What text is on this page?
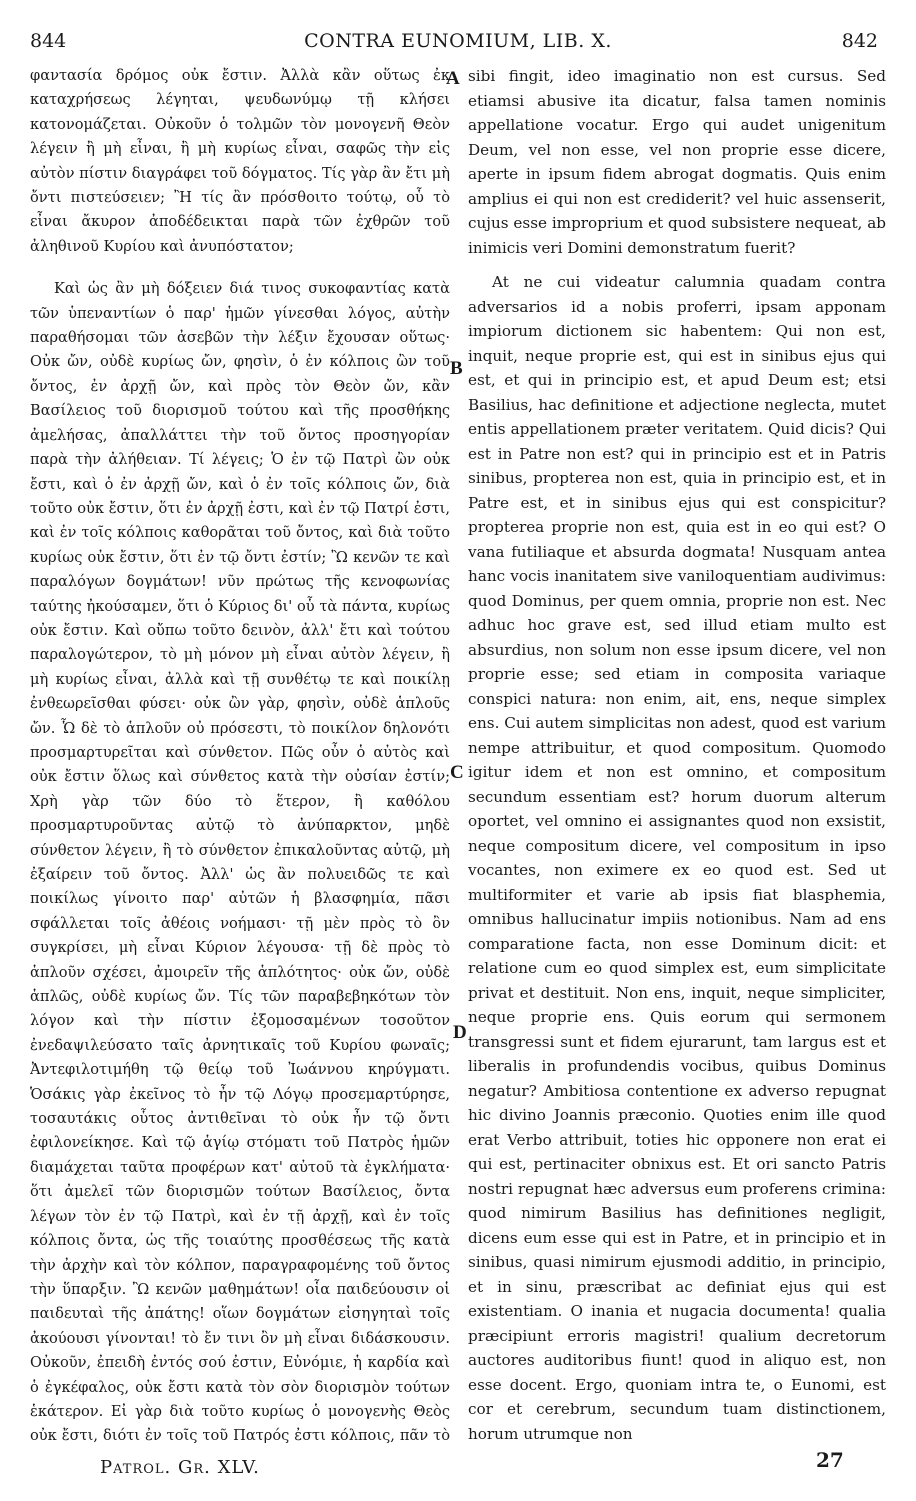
844	CONTRA EUNOMIUM, LIB. X.	842

φαντασία δρόμος οὐκ ἔστιν. Ἀλλὰ κἂν οὕτως ἐκ καταχρήσεως λέγηται, ψευδωνύμῳ τῇ κλήσει κατονομάζεται. Οὐκοῦν ὁ τολμῶν τὸν μονογενῆ Θεὸν λέγειν ἢ μὴ εἶναι, ἢ μὴ κυρίως εἶναι, σαφῶς τὴν εἰς αὐτὸν πίστιν διαγράφει τοῦ δόγματος. Τίς γὰρ ἂν ἔτι μὴ ὄντι πιστεύσειεν; Ἢ τίς ἂν πρόσθοιτο τούτῳ, οὗ τὸ εἶναι ἄκυρον ἀποδέδεικται παρὰ τῶν ἐχθρῶν τοῦ ἀληθινοῦ Κυρίου καὶ ἀνυπόστατον;

Καὶ ὡς ἂν μὴ δόξειεν διά τινος συκοφαντίας κατὰ τῶν ὑπεναντίων ὁ παρ' ἡμῶν γίνεσθαι λόγος, αὐτὴν παραθήσομαι τῶν ἀσεβῶν τὴν λέξιν ἔχουσαν οὕτως· Οὐκ ὤν, οὐδὲ κυρίως ὤν, φησὶν, ὁ ἐν κόλποις ὢν τοῦ ὄντος, ἐν ἀρχῇ ὤν, καὶ πρὸς τὸν Θεὸν ὤν, κἂν Βασίλειος τοῦ διορισμοῦ τούτου καὶ τῆς προσθήκης ἀμελήσας, ἀπαλλάττει τὴν τοῦ ὄντος προσηγορίαν παρὰ τὴν ἀλήθειαν. Τί λέγεις; Ὁ ἐν τῷ Πατρὶ ὢν οὐκ ἔστι, καὶ ὁ ἐν ἀρχῇ ὤν, καὶ ὁ ἐν τοῖς κόλποις ὤν, διὰ τοῦτο οὐκ ἔστιν, ὅτι ἐν ἀρχῇ ἐστι, καὶ ἐν τῷ Πατρί ἐστι, καὶ ἐν τοῖς κόλποις καθορᾶται τοῦ ὄντος, καὶ διὰ τοῦτο κυρίως οὐκ ἔστιν, ὅτι ἐν τῷ ὄντι ἐστίν; Ὢ κενῶν τε καὶ παραλόγων δογμάτων! νῦν πρώτως τῆς κενοφωνίας ταύτης ἠκούσαμεν, ὅτι ὁ Κύριος δι' οὗ τὰ πάντα, κυρίως οὐκ ἔστιν. Καὶ οὔπω τοῦτο δεινὸν, ἀλλ' ἔτι καὶ τούτου παραλογώτερον, τὸ μὴ μόνον μὴ εἶναι αὐτὸν λέγειν, ἢ μὴ κυρίως εἶναι, ἀλλὰ καὶ τῇ συνθέτῳ τε καὶ ποικίλῃ ἐνθεωρεῖσθαι φύσει· οὐκ ὢν γὰρ, φησὶν, οὐδὲ ἁπλοῦς ὤν. Ὧ δὲ τὸ ἁπλοῦν οὐ πρόσεστι, τὸ ποικίλον δηλονότι προσμαρτυρεῖται καὶ σύνθετον. Πῶς οὖν ὁ αὐτὸς καὶ οὐκ ἔστιν ὅλως καὶ σύνθετος κατὰ τὴν οὐσίαν ἐστίν; Χρὴ γὰρ τῶν δύο τὸ ἕτερον, ἢ καθόλου προσμαρτυροῦντας αὐτῷ τὸ ἀνύπαρκτον, μηδὲ σύνθετον λέγειν, ἢ τὸ σύνθετον ἐπικαλοῦντας αὐτῷ, μὴ ἐξαίρειν τοῦ ὄντος. Ἀλλ' ὡς ἂν πολυειδῶς τε καὶ ποικίλως γίνοιτο παρ' αὐτῶν ἡ βλασφημία, πᾶσι σφάλλεται τοῖς ἀθέοις νοήμασι· τῇ μὲν πρὸς τὸ ὂν συγκρίσει, μὴ εἶναι Κύριον λέγουσα· τῇ δὲ πρὸς τὸ ἁπλοῦν σχέσει, ἀμοιρεῖν τῆς ἁπλότητος· οὐκ ὤν, οὐδὲ ἁπλῶς, οὐδὲ κυρίως ὤν. Τίς τῶν παραβεβηκότων τὸν λόγον καὶ τὴν πίστιν ἐξομοσαμένων τοσοῦτον ἐνεδαψιλεύσατο ταῖς ἀρνητικαῖς τοῦ Κυρίου φωναῖς; Ἀντεφιλοτιμήθη τῷ θείῳ τοῦ Ἰωάννου κηρύγματι. Ὁσάκις γὰρ ἐκεῖνος τὸ ἦν τῷ Λόγῳ προσεμαρτύρησε, τοσαυτάκις οὗτος ἀντιθεῖναι τὸ οὐκ ἦν τῷ ὄντι ἐφιλονείκησε. Καὶ τῷ ἁγίῳ στόματι τοῦ Πατρὸς ἡμῶν διαμάχεται ταῦτα προφέρων κατ' αὐτοῦ τὰ ἐγκλήματα· ὅτι ἀμελεῖ τῶν διορισμῶν τούτων Βασίλειος, ὄντα λέγων τὸν ἐν τῷ Πατρὶ, καὶ ἐν τῇ ἀρχῇ, καὶ ἐν τοῖς κόλποις ὄντα, ὡς τῆς τοιαύτης προσθέσεως τῆς κατὰ τὴν ἀρχὴν καὶ τὸν κόλπον, παραγραφομένης τοῦ ὄντος τὴν ὕπαρξιν. Ὢ κενῶν μαθημάτων! οἷα παιδεύουσιν οἱ παιδευταὶ τῆς ἀπάτης! οἵων δογμάτων εἰσηγηταὶ τοῖς ἀκούουσι γίνονται! τὸ ἔν τινι ὂν μὴ εἶναι διδάσκουσιν. Οὐκοῦν, ἐπειδὴ ἐντός σού ἐστιν, Εὐνόμιε, ἡ καρδία καὶ ὁ ἐγκέφαλος, οὐκ ἔστι κατὰ τὸν σὸν διορισμὸν τούτων ἑκάτερον. Εἰ γὰρ διὰ τοῦτο κυρίως ὁ μονογενὴς Θεὸς οὐκ ἔστι, διότι ἐν τοῖς τοῦ Πατρός ἐστι κόλποις, πᾶν τὸ

A
B
C
D

sibi fingit, ideo imaginatio non est cursus. Sed etiamsi abusive ita dicatur, falsa tamen nominis appellatione vocatur. Ergo qui audet unigenitum Deum, vel non esse, vel non proprie esse dicere, aperte in ipsum fidem abrogat dogmatis. Quis enim amplius ei qui non est crediderit? vel huic assenserit, cujus esse improprium et quod subsistere nequeat, ab inimicis veri Domini demonstratum fuerit?

At ne cui videatur calumnia quadam contra adversarios id a nobis proferri, ipsam apponam impiorum dictionem sic habentem: Qui non est, inquit, neque proprie est, qui est in sinibus ejus qui est, et qui in principio est, et apud Deum est; etsi Basilius, hac definitione et adjectione neglecta, mutet entis appellationem præter veritatem. Quid dicis? Qui est in Patre non est? qui in principio est et in Patris sinibus, propterea non est, quia in principio est, et in Patre est, et in sinibus ejus qui est conspicitur? propterea proprie non est, quia est in eo qui est? O vana futiliaque et absurda dogmata! Nusquam antea hanc vocis inanitatem sive vaniloquentiam audivimus: quod Dominus, per quem omnia, proprie non est. Nec adhuc hoc grave est, sed illud etiam multo est absurdius, non solum non esse ipsum dicere, vel non proprie esse; sed etiam in composita variaque conspici natura: non enim, ait, ens, neque simplex ens. Cui autem simplicitas non adest, quod est varium nempe attribuitur, et quod compositum. Quomodo igitur idem et non est omnino, et compositum secundum essentiam est? horum duorum alterum oportet, vel omnino ei assignantes quod non exsistit, neque compositum dicere, vel compositum in ipso vocantes, non eximere ex eo quod est. Sed ut multiformiter et varie ab ipsis fiat blasphemia, omnibus hallucinatur impiis notionibus. Nam ad ens comparatione facta, non esse Dominum dicit: et relatione cum eo quod simplex est, eum simplicitate privat et destituit. Non ens, inquit, neque simpliciter, neque proprie ens. Quis eorum qui sermonem transgressi sunt et fidem ejurarunt, tam largus est et liberalis in profundendis vocibus, quibus Dominus negatur? Ambitiosa contentione ex adverso repugnat hic divino Joannis præconio. Quoties enim ille quod erat Verbo attribuit, toties hic opponere non erat ei qui est, pertinaciter obnixus est. Et ori sancto Patris nostri repugnat hæc adversus eum proferens crimina: quod nimirum Basilius has definitiones negligit, dicens eum esse qui est in Patre, et in principio et in sinibus, quasi nimirum ejusmodi additio, in principio, et in sinu, præscribat ac definiat ejus qui est existentiam. O inania et nugacia documenta! qualia præcipiunt erroris magistri! qualium decretorum auctores auditoribus fiunt! quod in aliquo est, non esse docent. Ergo, quoniam intra te, o Eunomi, est cor et cerebrum, secundum tuam distinctionem, horum utrumque non

Patrol. Gr. XLV.	27
